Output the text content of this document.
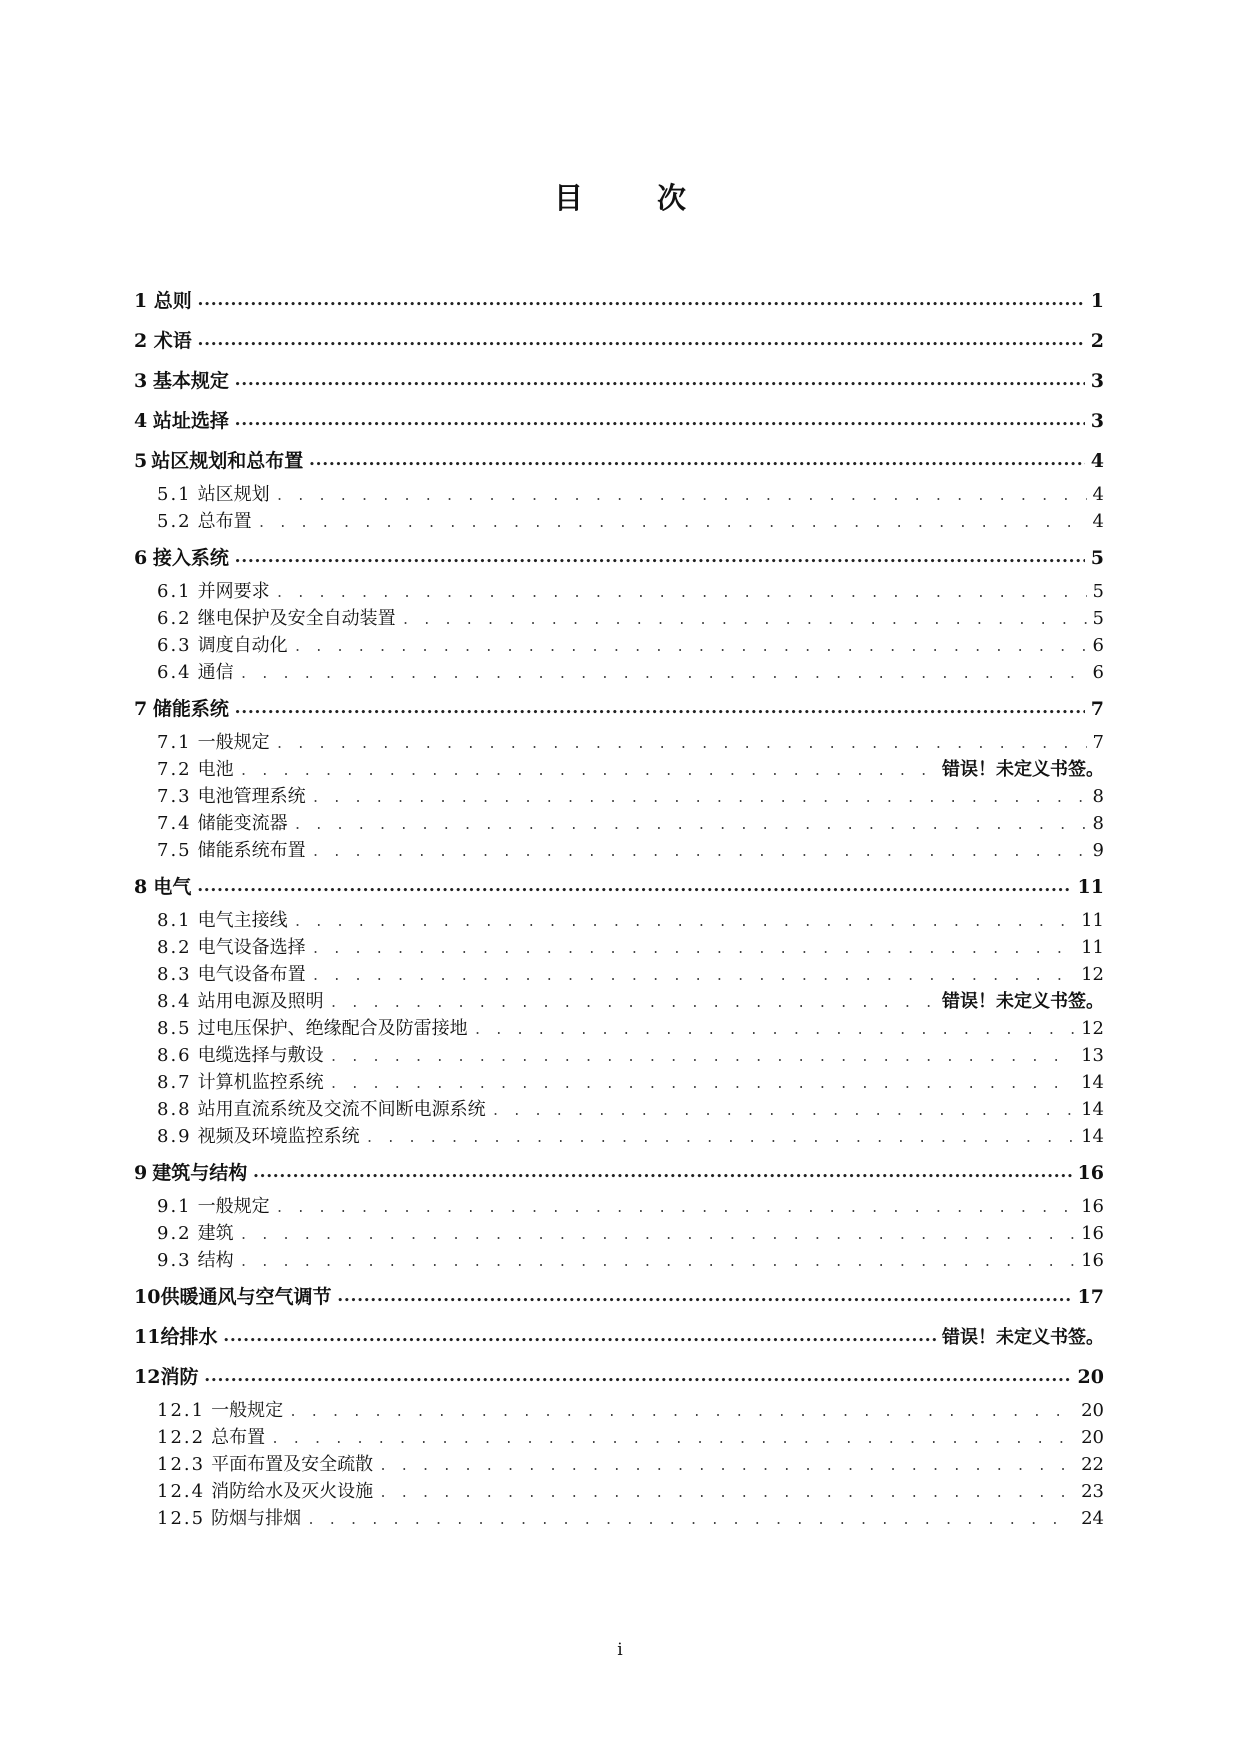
目 次
1 总则 •••••	1
2 术语 •••••	2
3 基本规定 •••••	3
4 站址选择 •••••	3
5 站区规划和总布置 •••••	4
5.1 站区规划 . . .	4
5.2 总布置 . . .	4
6 接入系统 •••••	5
6.1 并网要求 . . .	5
6.2 继电保护及安全自动装置 . . .	5
6.3 调度自动化 . . .	6
6.4 通信 . . .	6
7 储能系统 •••••	7
7.1 一般规定 . . .	7
7.2 电池 . . .	错误！未定义书签。
7.3 电池管理系统 . . .	8
7.4 储能变流器 . . .	8
7.5 储能系统布置 . . .	9
8 电气 •••••	11
8.1 电气主接线 . . .	11
8.2 电气设备选择 . . .	11
8.3 电气设备布置 . . .	12
8.4 站用电源及照明 . . .	错误！未定义书签。
8.5 过电压保护、绝缘配合及防雷接地 . . .	12
8.6 电缆选择与敷设 . . .	13
8.7 计算机监控系统 . . .	14
8.8 站用直流系统及交流不间断电源系统 . . .	14
8.9 视频及环境监控系统 . . .	14
9 建筑与结构 •••••	16
9.1 一般规定 . . .	16
9.2 建筑 . . .	16
9.3 结构 . . .	16
10 供暖通风与空气调节 •••••	17
11 给排水 •••••	错误！未定义书签。
12 消防 •••••	20
12.1 一般规定 . . .	20
12.2 总布置 . . .	20
12.3 平面布置及安全疏散 . . .	22
12.4 消防给水及灭火设施 . . .	23
12.5 防烟与排烟 . . .	24
i
